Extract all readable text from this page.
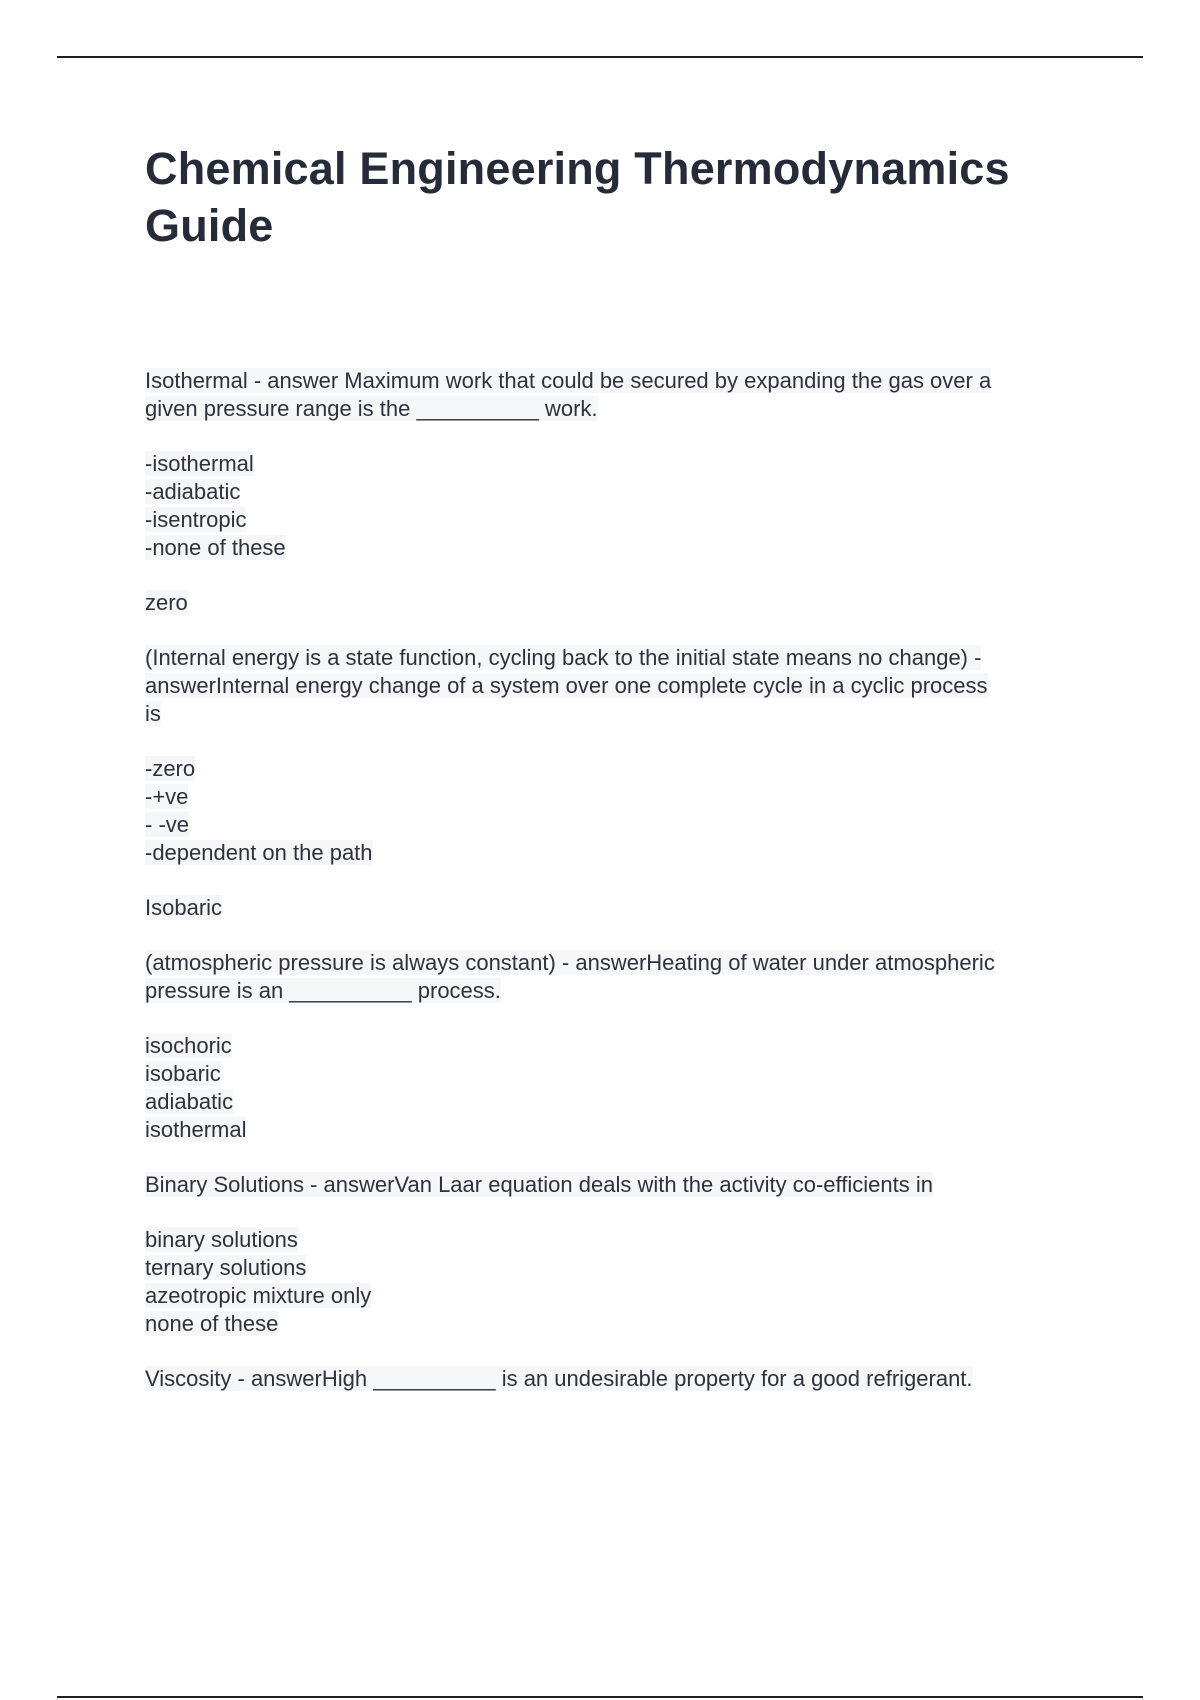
Chemical Engineering Thermodynamics
Guide
Isothermal - answer Maximum work that could be secured by expanding the gas over a
given pressure range is the __________ work.
-isothermal
-adiabatic
-isentropic
-none of these
zero
(Internal energy is a state function, cycling back to the initial state means no change) -
answerInternal energy change of a system over one complete cycle in a cyclic process
is
-zero
-+ve
- -ve
-dependent on the path
Isobaric
(atmospheric pressure is always constant) - answerHeating of water under atmospheric
pressure is an __________ process.
isochoric
isobaric
adiabatic
isothermal
Binary Solutions - answerVan Laar equation deals with the activity co-efficients in
binary solutions
ternary solutions
azeotropic mixture only
none of these
Viscosity - answerHigh __________ is an undesirable property for a good refrigerant.
